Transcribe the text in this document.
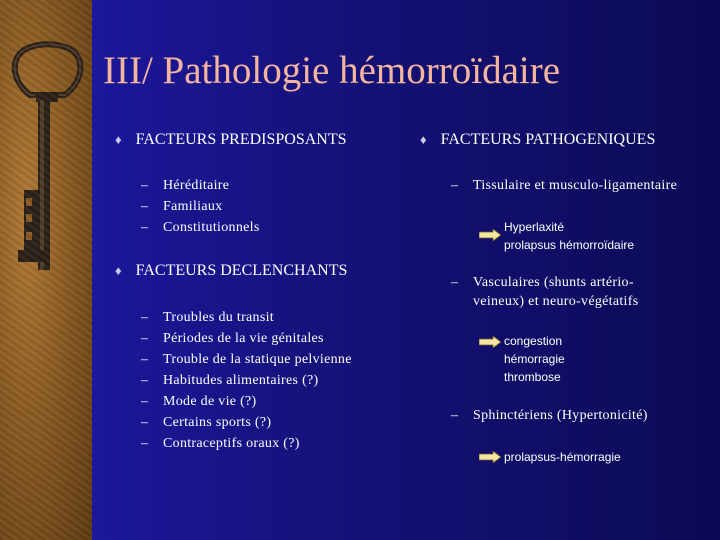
III/ Pathologie hémorroïdaire
♦ FACTEURS PREDISPOSANTS
– Héréditaire
– Familiaux
– Constitutionnels
♦ FACTEURS DECLENCHANTS
– Troubles du transit
– Périodes de la vie génitales
– Trouble de la statique pelvienne
– Habitudes alimentaires (?)
– Mode de vie (?)
– Certains sports (?)
– Contraceptifs oraux (?)
♦ FACTEURS PATHOGENIQUES
– Tissulaire et musculo-ligamentaire
Hyperlaxité
prolapsus hémorroïdaire
– Vasculaires (shunts artério-
veineux) et neuro-végétatifs
congestion
hémorragie
thrombose
– Sphinctériens (Hypertonicité)
prolapsus-hémorragie
